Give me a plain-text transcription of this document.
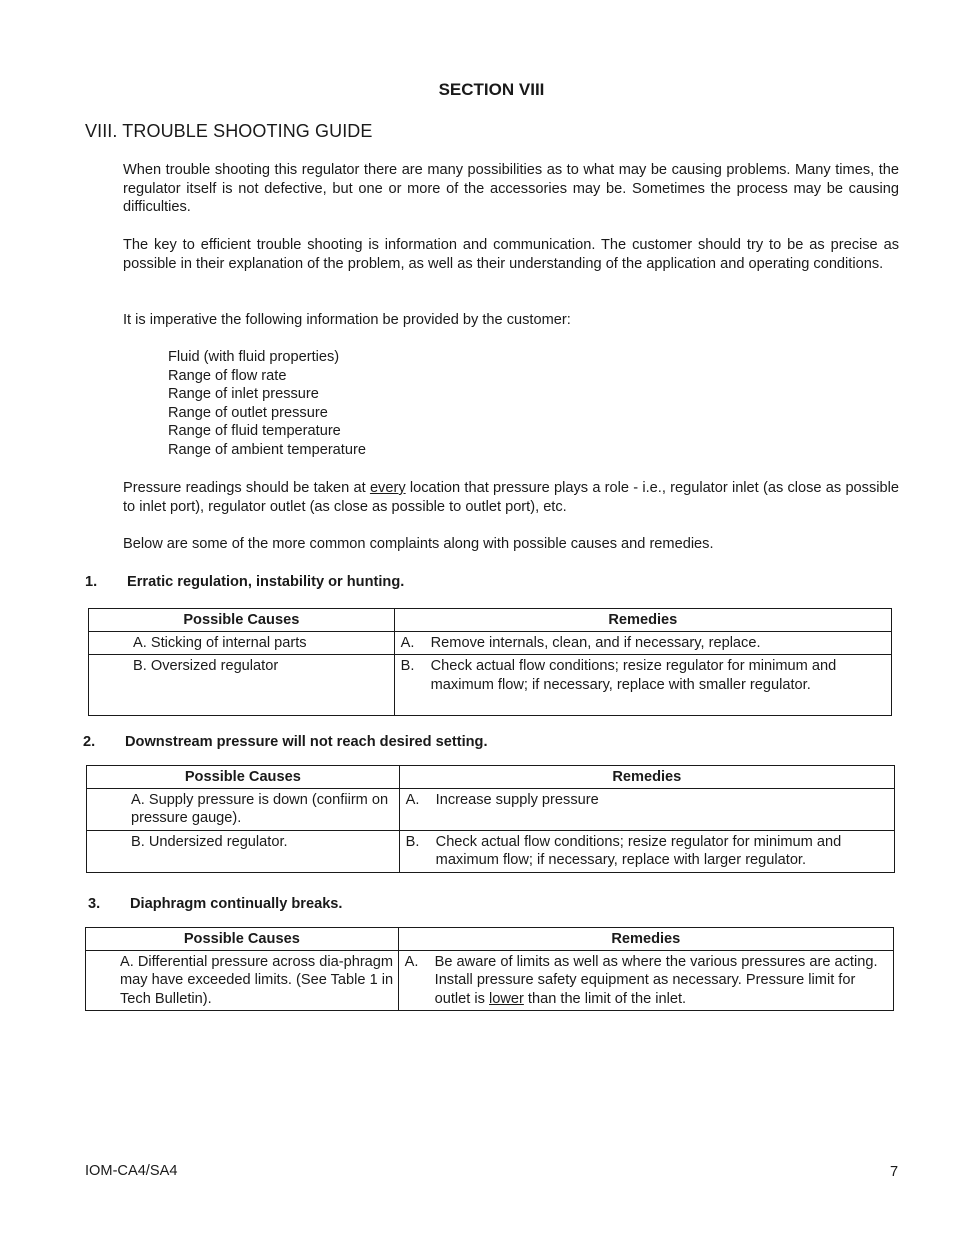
SECTION VIII
VIII. TROUBLE SHOOTING GUIDE

When trouble shooting this regulator there are many possibilities as to what may be causing problems. Many times, the regulator itself is not defective, but one or more of the accessories may be. Sometimes the process may be causing difficulties.

The key to efficient trouble shooting is information and communication. The customer should try to be as precise as possible in their explanation of the problem, as well as their understanding of the application and operating conditions.

It is imperative the following information be provided by the customer:

Fluid (with fluid properties)
Range of flow rate
Range of inlet pressure
Range of outlet pressure
Range of fluid temperature
Range of ambient temperature

Pressure readings should be taken at every location that pressure plays a role - i.e., regulator inlet (as close as possible to inlet port), regulator outlet (as close as possible to outlet port), etc.

Below are some of the more common complaints along with possible causes and remedies.

1. Erratic regulation, instability or hunting.
Possible Causes	Remedies
A. Sticking of internal parts	A. Remove internals, clean, and if necessary, replace.

B. Oversized regulator	B. Check actual flow conditions; resize regulator for minimum and maximum flow; if necessary, replace with smaller regulator.
2. Downstream pressure will not reach desired setting.
Possible Causes	Remedies
A. Supply pressure is down (confiirm on pressure gauge).	A. Increase supply pressure

B. Undersized regulator.	B. Check actual flow conditions; resize regulator for minimum and maximum flow; if necessary, replace with larger regulator.
3. Diaphragm continually breaks.
Possible Causes	Remedies
A. Differential pressure across dia-phragm may have exceeded limits. (See Table 1 in Tech Bulletin).	A. Be aware of limits as well as where the various pressures are acting. Install pressure safety equipment as necessary. Pressure limit for outlet is lower than the limit of the inlet.
IOM-CA4/SA4	7
